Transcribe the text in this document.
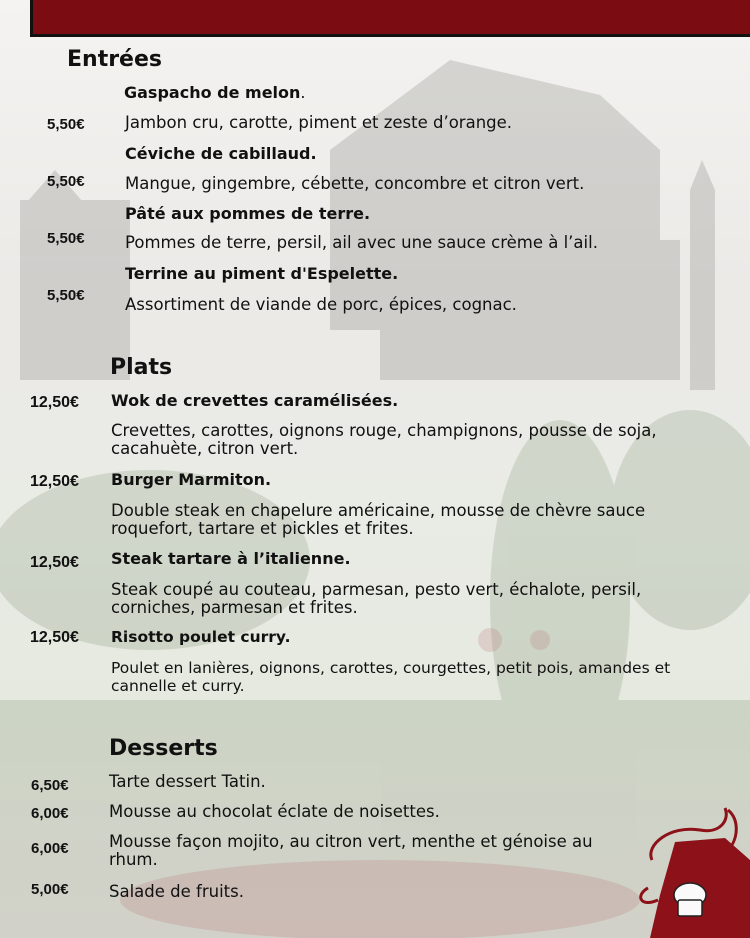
Entrées
Gaspacho de melon.
5,50€ Jambon cru, carotte, piment et zeste d’orange.
Céviche de cabillaud.
5,50€ Mangue, gingembre, cébette, concombre et citron vert.
Pâté aux pommes de terre.
5,50€ Pommes de terre, persil, ail avec une sauce crème à l’ail.
Terrine au piment d'Espelette.
5,50€ Assortiment de viande de porc, épices, cognac.
Plats
12,50€ Wok de crevettes caramélisées.
Crevettes, carottes, oignons rouge, champignons, pousse de soja,
cacahuète, citron vert.
12,50€ Burger Marmiton.
Double steak en chapelure américaine, mousse de chèvre sauce
roquefort, tartare et pickles et frites.
12,50€ Steak tartare à l’italienne.
Steak coupé au couteau, parmesan, pesto vert, échalote, persil,
corniches, parmesan et frites.
12,50€ Risotto poulet curry.
Poulet en lanières, oignons, carottes, courgettes, petit pois, amandes et
cannelle et curry.
Desserts
6,50€ Tarte dessert Tatin.
6,00€ Mousse au chocolat éclate de noisettes.
6,00€ Mousse façon mojito, au citron vert, menthe et génoise au
rhum.
5,00€ Salade de fruits.
